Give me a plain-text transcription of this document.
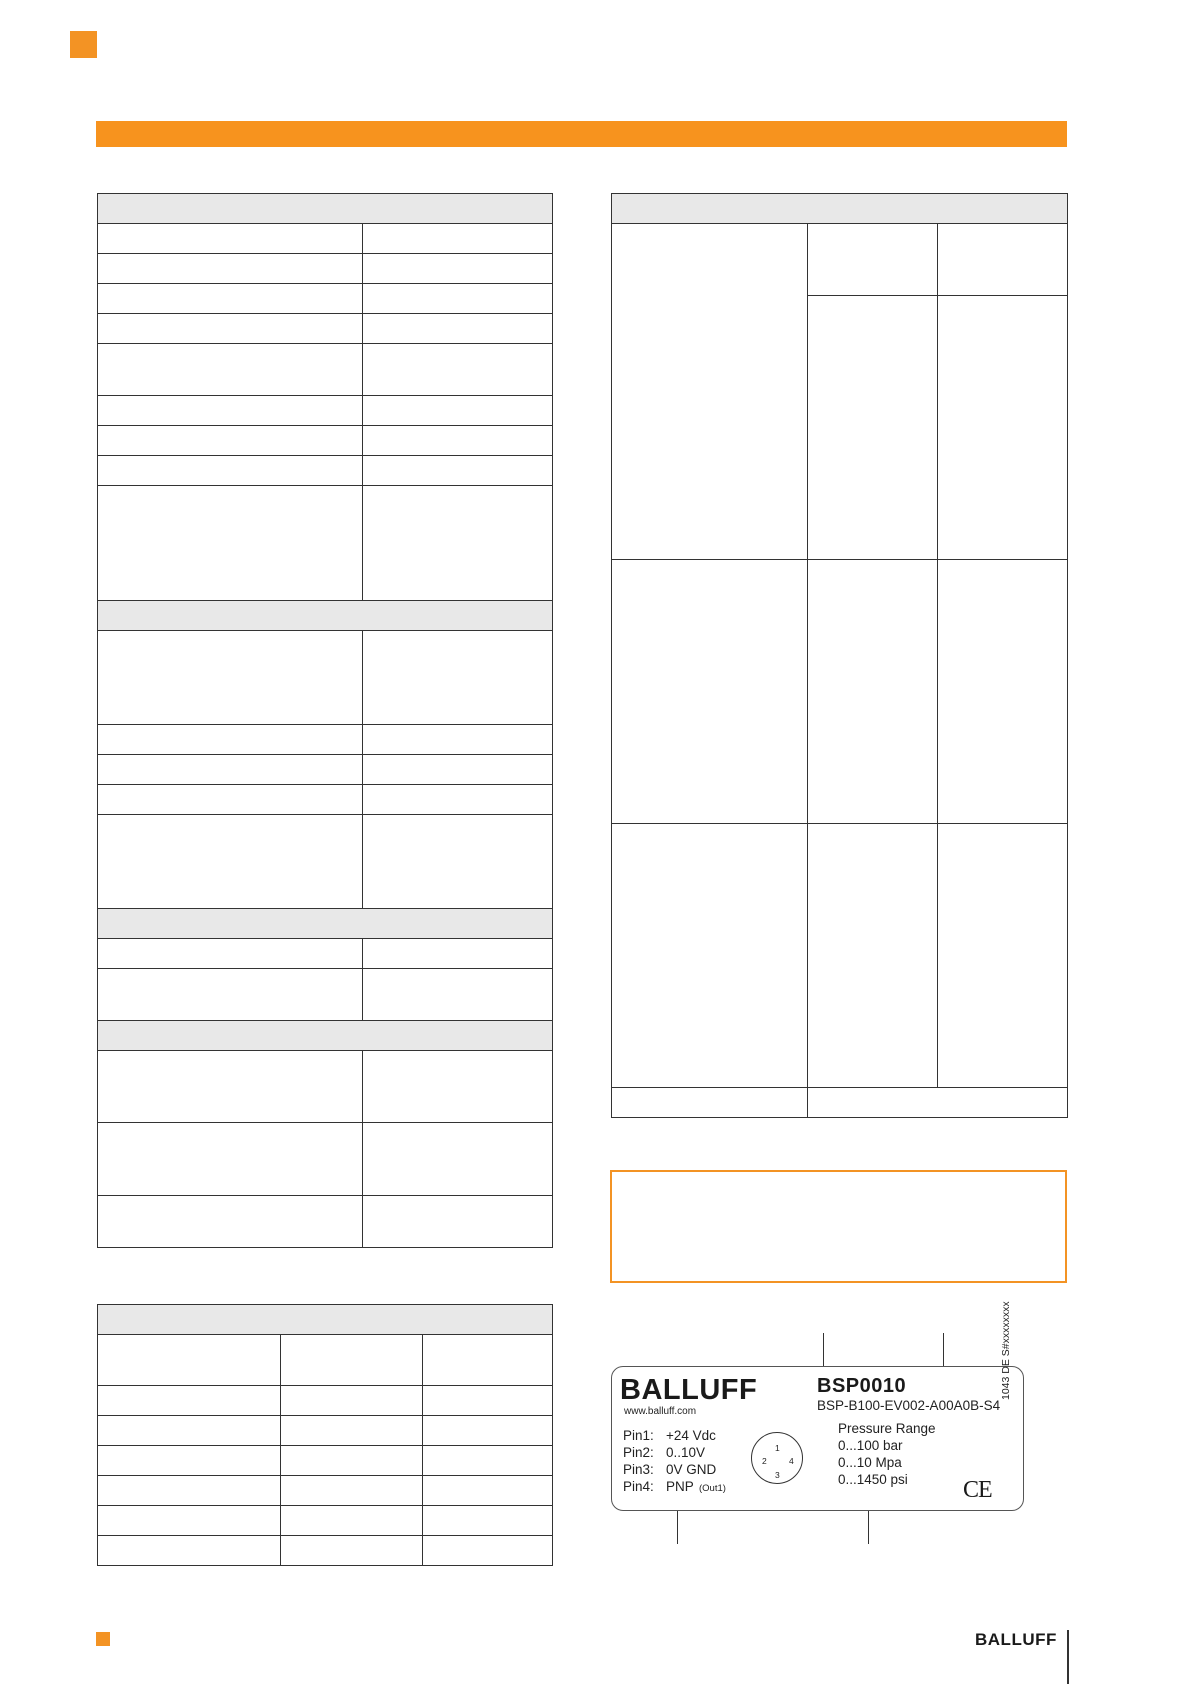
BALLUFF
www.balluff.com
BSP0010
BSP-B100-EV002-A00A0B-S4
Pin1: +24 Vdc
Pin2: 0..10V
Pin3: 0V GND
Pin4: PNP (Out1)
1
2
3
4
Pressure Range
0...100 bar
0...10 Mpa
0...1450 psi CE
1043 DE S#xxxxxxxx
BALLUFF
